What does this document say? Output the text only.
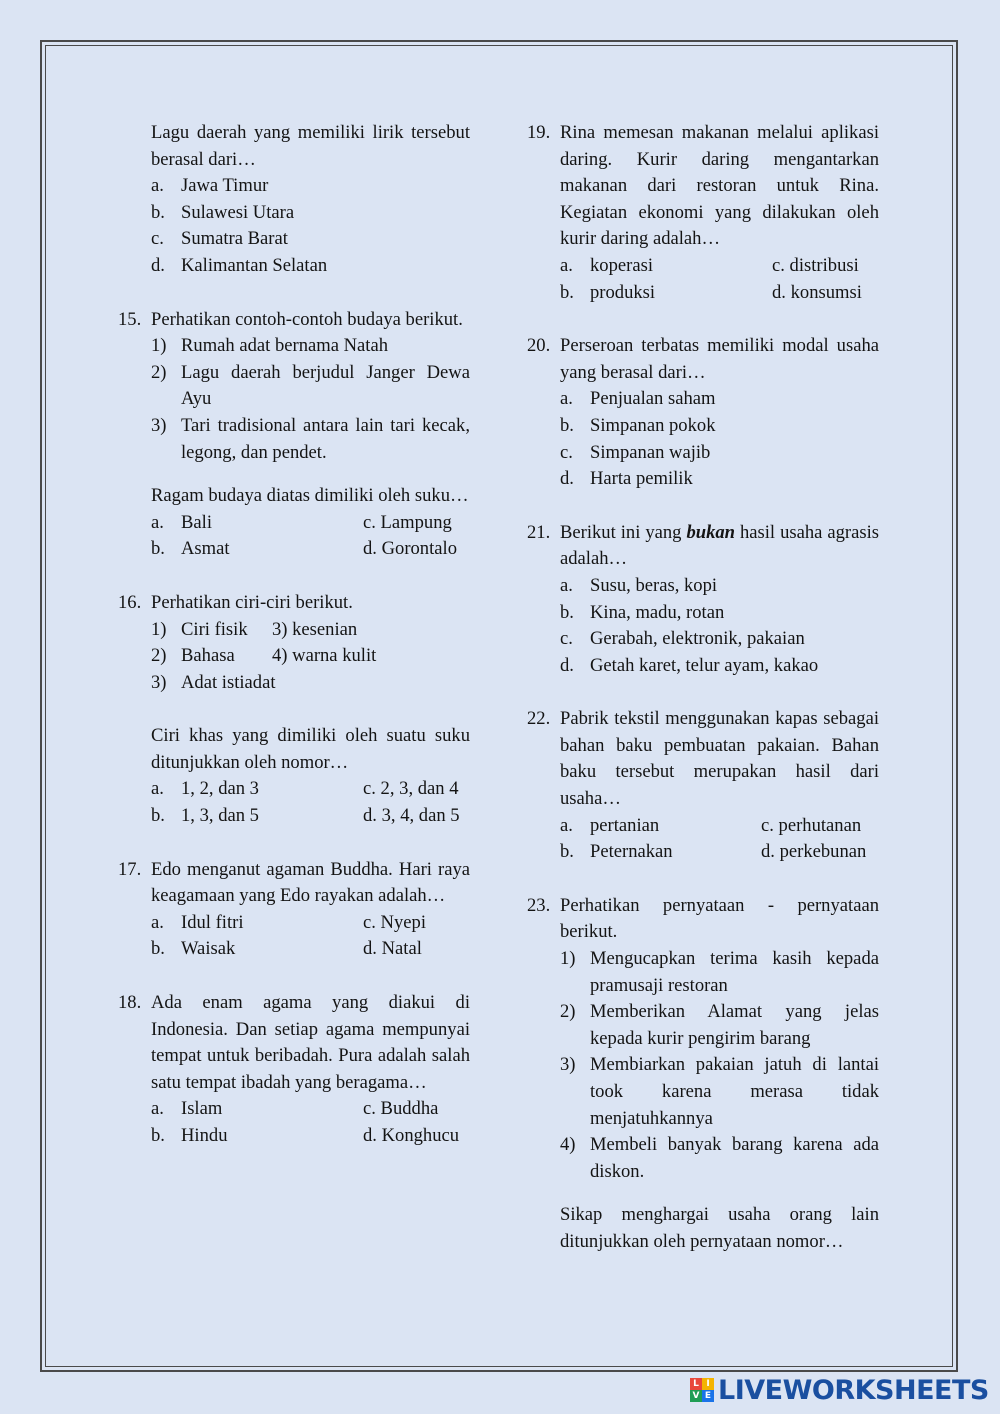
Lagu daerah yang memiliki lirik tersebut berasal dari…
a. Jawa Timur
b. Sulawesi Utara
c. Sumatra Barat
d. Kalimantan Selatan
15. Perhatikan contoh-contoh budaya berikut.
1) Rumah adat bernama Natah
2) Lagu daerah berjudul Janger Dewa Ayu
3) Tari tradisional antara lain tari kecak, legong, dan pendet.
Ragam budaya diatas dimiliki oleh suku…
a. Bali
b. Asmat
c. Lampung
d. Gorontalo
16. Perhatikan ciri-ciri berikut.
1) Ciri fisik	3) kesenian
2) Bahasa	4) warna kulit
3) Adat istiadat
Ciri khas yang dimiliki oleh suatu suku ditunjukkan oleh nomor…
a. 1, 2, dan 3
b. 1, 3, dan 5
c. 2, 3, dan 4
d. 3, 4, dan 5
17. Edo menganut agaman Buddha. Hari raya keagamaan yang Edo rayakan adalah…
a. Idul fitri
b. Waisak
c. Nyepi
d. Natal
18. Ada enam agama yang diakui di Indonesia. Dan setiap agama mempunyai tempat untuk beribadah. Pura adalah salah satu tempat ibadah yang beragama…
a. Islam
b. Hindu
c. Buddha
d. Konghucu
19. Rina memesan makanan melalui aplikasi daring. Kurir daring mengantarkan makanan dari restoran untuk Rina. Kegiatan ekonomi yang dilakukan oleh kurir daring adalah…
a. koperasi
b. produksi
c. distribusi
d. konsumsi
20. Perseroan terbatas memiliki modal usaha yang berasal dari…
a. Penjualan saham
b. Simpanan pokok
c. Simpanan wajib
d. Harta pemilik
21. Berikut ini yang bukan hasil usaha agrasis adalah…
a. Susu, beras, kopi
b. Kina, madu, rotan
c. Gerabah, elektronik, pakaian
d. Getah karet, telur ayam, kakao
22. Pabrik tekstil menggunakan kapas sebagai bahan baku pembuatan pakaian. Bahan baku tersebut merupakan hasil dari usaha…
a. pertanian
b. Peternakan
c. perhutanan
d. perkebunan
23. Perhatikan pernyataan - pernyataan berikut.
1) Mengucapkan terima kasih kepada pramusaji restoran
2) Memberikan Alamat yang jelas kepada kurir pengirim barang
3) Membiarkan pakaian jatuh di lantai took karena merasa tidak menjatuhkannya
4) Membeli banyak barang karena ada diskon.
Sikap menghargai usaha orang lain ditunjukkan oleh pernyataan nomor…
L I
V E LIVEWORKSHEETS
